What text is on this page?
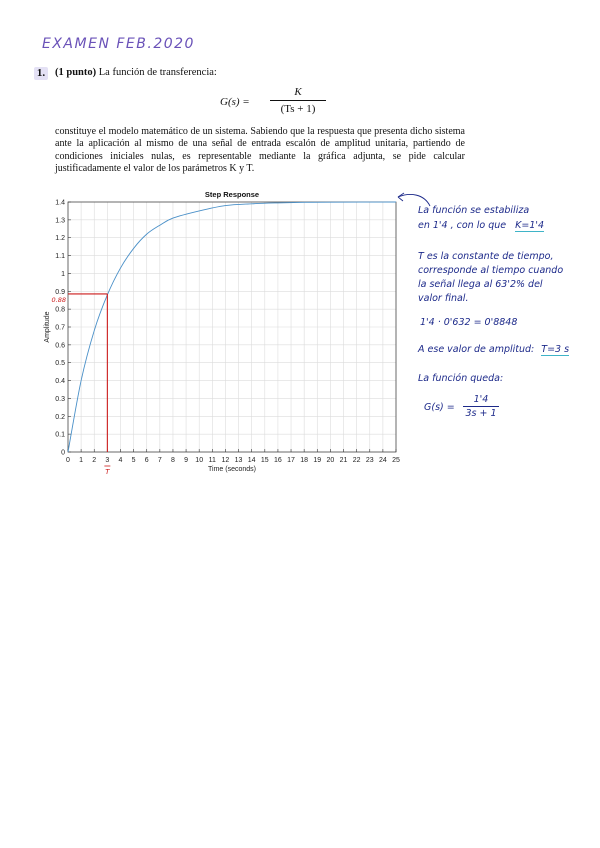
EXAMEN FEB.2020
1. (1 punto) La función de transferencia:
$G(s) = \frac{K}{(Ts + 1)}$
constituye el modelo matemático de un sistema. Sabiendo que la respuesta que presenta dicho sistema ante la aplicación al mismo de una señal de entrada escalón de amplitud unitaria, partiendo de condiciones iniciales nulas, es representable mediante la gráfica adjunta, se pide calcular justificadamente el valor de los parámetros K y T.
0 1 2 3 4 5 6 7 8 9 10 11 12 13 14 15 16 17 18 19 20 21 22 23 24 25
0
0.1
0.2
0.3
0.4
0.5
0.6
0.7
0.8
0.9
1
1.1
1.2
1.3
1.4
Step Response
Time (seconds)
Amplitude
0.88
T
La función se estabiliza
en 1'4 , con lo que K=1'4
T es la constante de tiempo,
corresponde al tiempo cuando
la señal llega al 63'2% del
valor final.
1'4 · 0'632 = 0'8848
A ese valor de amplitud: T=3 s
La función queda:
G(s) =
1'4
3s + 1
